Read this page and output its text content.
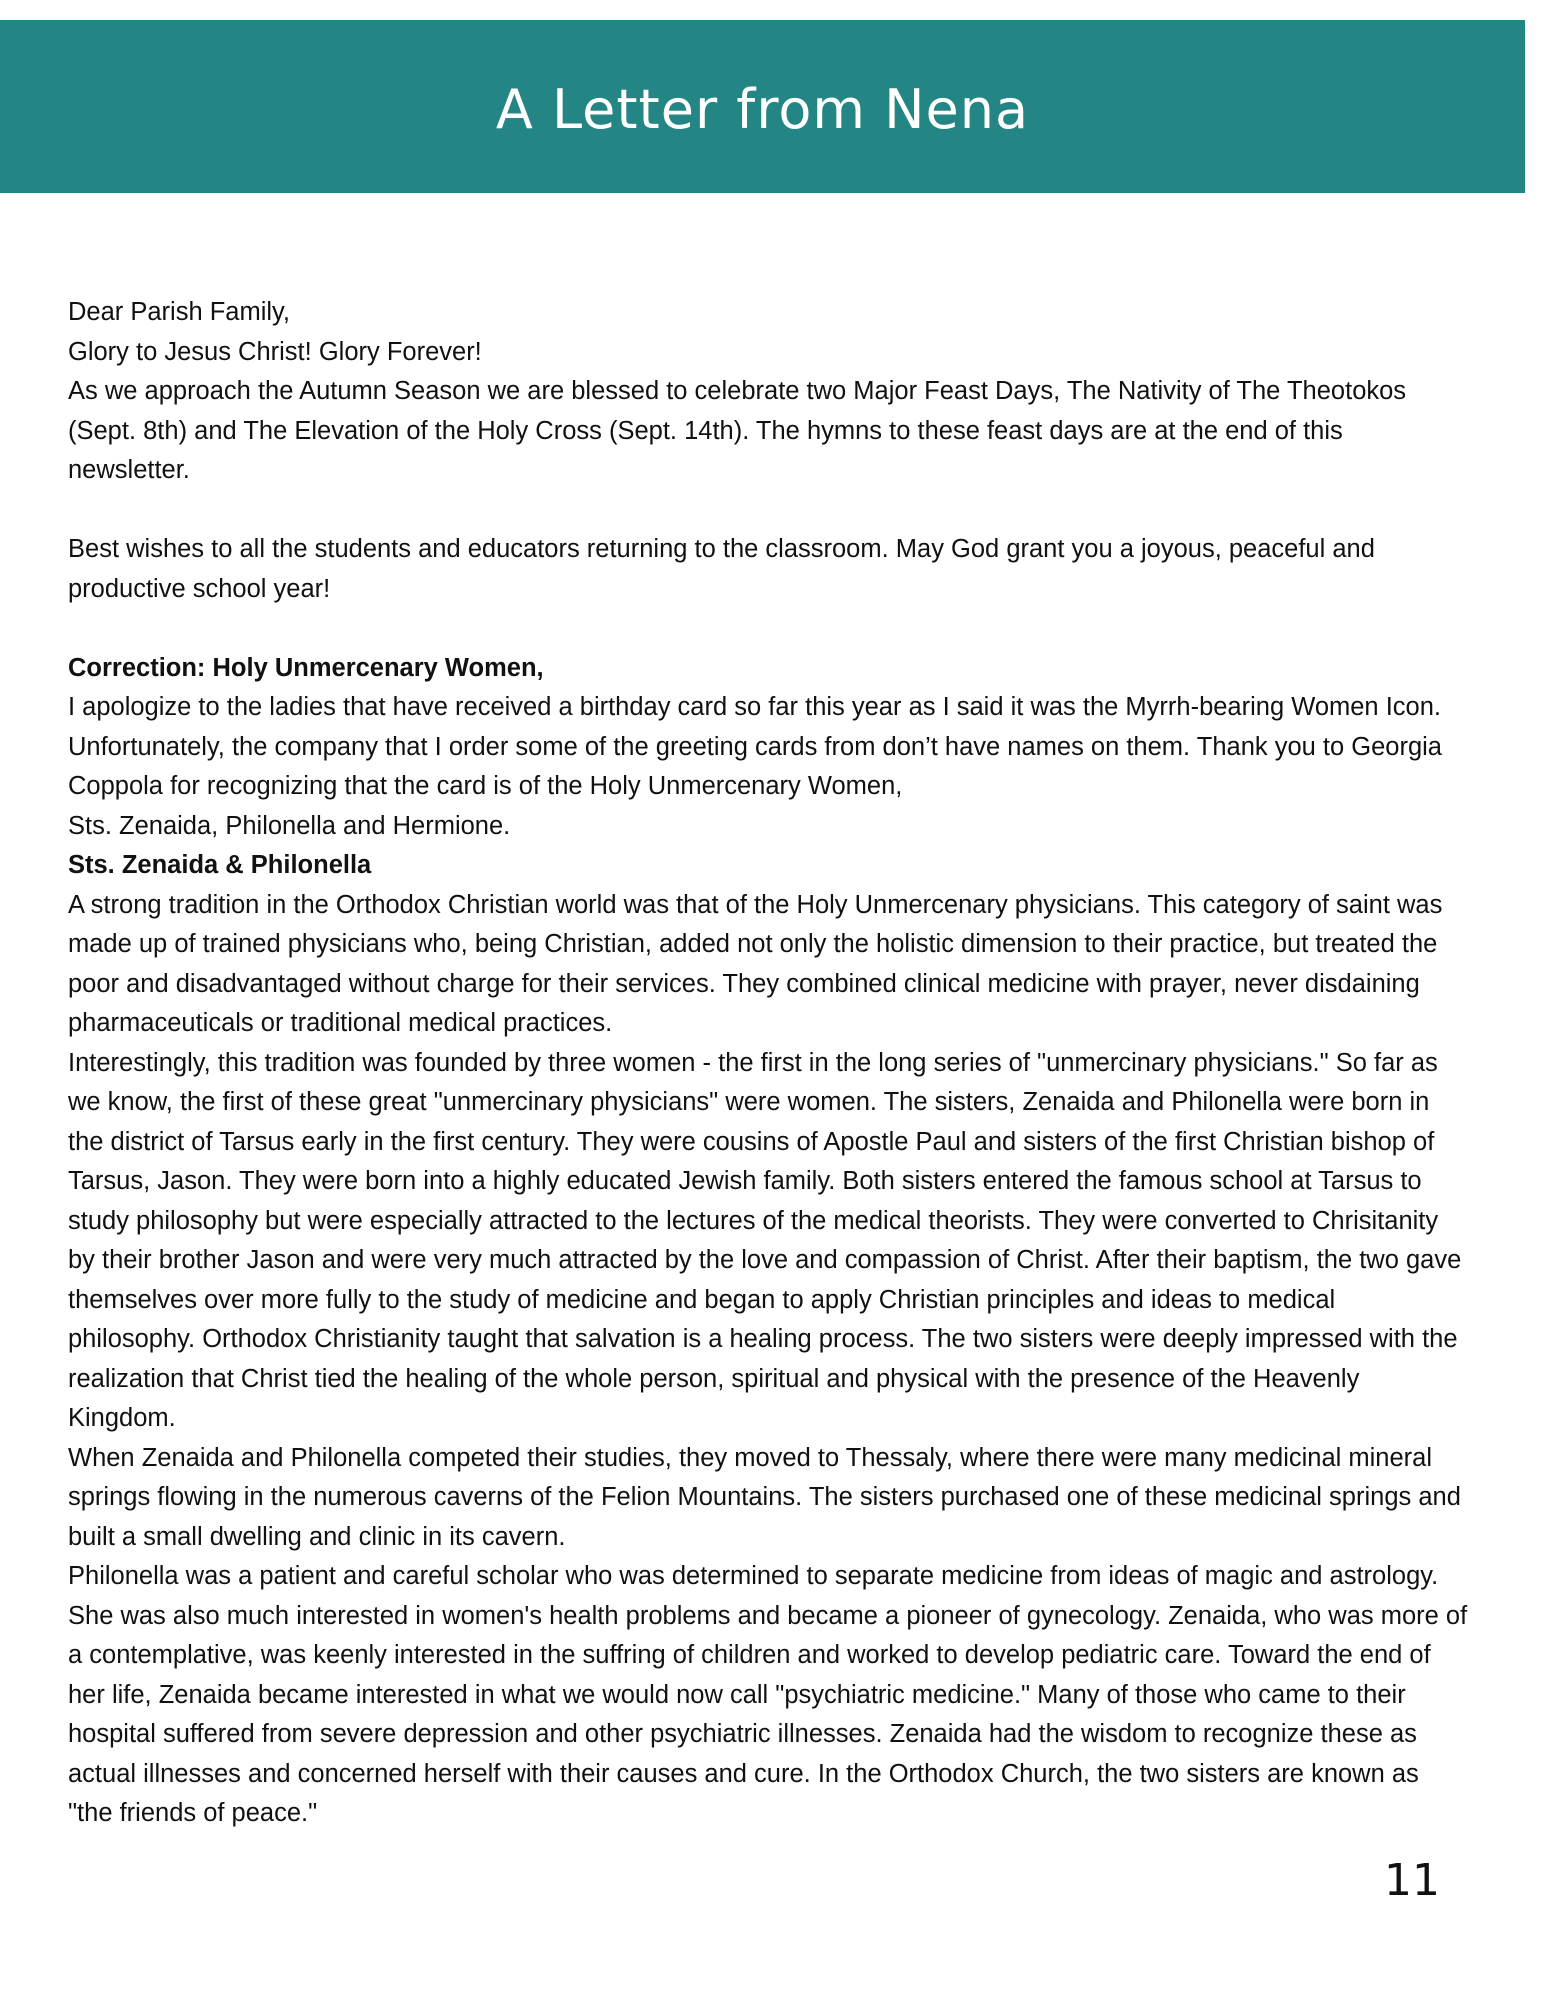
A Letter from Nena

Dear Parish Family,

Glory to Jesus Christ! Glory Forever!

As we approach the Autumn Season we are blessed to celebrate two Major Feast Days, The Nativity of The Theotokos (Sept. 8th) and The Elevation of the Holy Cross (Sept. 14th). The hymns to these feast days are at the end of this newsletter.

Best wishes to all the students and educators returning to the classroom. May God grant you a joyous, peaceful and productive school year!

Correction: Holy Unmercenary Women,

I apologize to the ladies that have received a birthday card so far this year as I said it was the Myrrh-bearing Women Icon. Unfortunately, the company that I order some of the greeting cards from don’t have names on them. Thank you to Georgia Coppola for recognizing that the card is of the Holy Unmercenary Women,

Sts. Zenaida, Philonella and Hermione.

Sts. Zenaida & Philonella

A strong tradition in the Orthodox Christian world was that of the Holy Unmercenary physicians. This category of saint was made up of trained physicians who, being Christian, added not only the holistic dimension to their practice, but treated the poor and disadvantaged without charge for their services. They combined clinical medicine with prayer, never disdaining pharmaceuticals or traditional medical practices.

Interestingly, this tradition was founded by three women - the first in the long series of "unmercinary physicians." So far as we know, the first of these great "unmercinary physicians" were women. The sisters, Zenaida and Philonella were born in the district of Tarsus early in the first century. They were cousins of Apostle Paul and sisters of the first Christian bishop of Tarsus, Jason. They were born into a highly educated Jewish family. Both sisters entered the famous school at Tarsus to study philosophy but were especially attracted to the lectures of the medical theorists. They were converted to Chrisitanity by their brother Jason and were very much attracted by the love and compassion of Christ. After their baptism, the two gave themselves over more fully to the study of medicine and began to apply Christian principles and ideas to medical philosophy. Orthodox Christianity taught that salvation is a healing process. The two sisters were deeply impressed with the realization that Christ tied the healing of the whole person, spiritual and physical with the presence of the Heavenly Kingdom.

When Zenaida and Philonella competed their studies, they moved to Thessaly, where there were many medicinal mineral springs flowing in the numerous caverns of the Felion Mountains. The sisters purchased one of these medicinal springs and built a small dwelling and clinic in its cavern.

Philonella was a patient and careful scholar who was determined to separate medicine from ideas of magic and astrology. She was also much interested in women's health problems and became a pioneer of gynecology. Zenaida, who was more of a contemplative, was keenly interested in the suffring of children and worked to develop pediatric care. Toward the end of her life, Zenaida became interested in what we would now call "psychiatric medicine." Many of those who came to their hospital suffered from severe depression and other psychiatric illnesses. Zenaida had the wisdom to recognize these as actual illnesses and concerned herself with their causes and cure. In the Orthodox Church, the two sisters are known as "the friends of peace."

11
